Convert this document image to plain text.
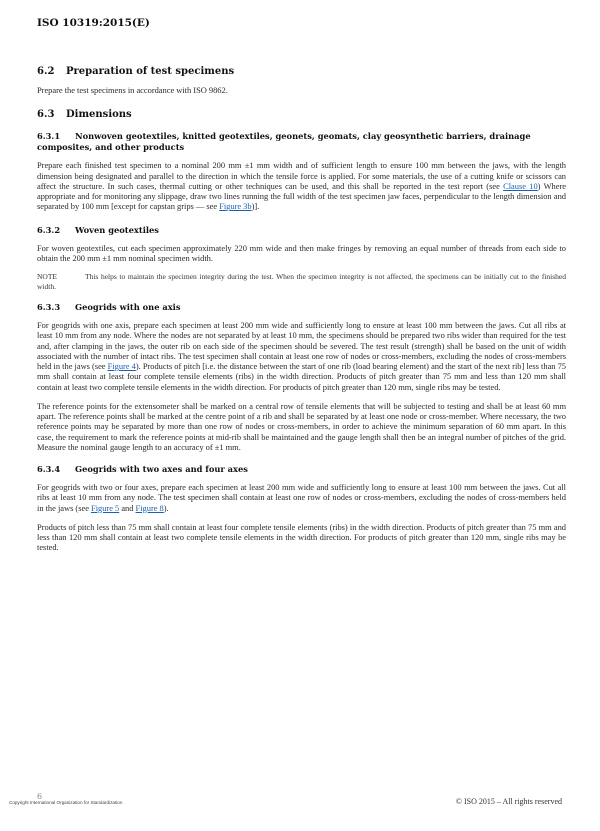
ISO 10319:2015(E)
6.2 Preparation of test specimens

Prepare the test specimens in accordance with ISO 9862.

6.3 Dimensions
6.3.1 Nonwoven geotextiles, knitted geotextiles, geonets, geomats, clay geosynthetic barriers, drainage composites, and other products

Prepare each finished test specimen to a nominal 200 mm ±1 mm width and of sufficient length to ensure 100 mm between the jaws, with the length dimension being designated and parallel to the direction in which the tensile force is applied. For some materials, the use of a cutting knife or scissors can affect the structure. In such cases, thermal cutting or other techniques can be used, and this shall be reported in the test report (see Clause 10) Where appropriate and for monitoring any slippage, draw two lines running the full width of the test specimen jaw faces, perpendicular to the length dimension and separated by 100 mm [except for capstan grips — see Figure 3b)].

6.3.2 Woven geotextiles

For woven geotextiles, cut each specimen approximately 220 mm wide and then make fringes by removing an equal number of threads from each side to obtain the 200 mm ±1 mm nominal specimen width.

NOTE	This helps to maintain the specimen integrity during the test. When the specimen integrity is not affected, the specimens can be initially cut to the finished width.

6.3.3 Geogrids with one axis

For geogrids with one axis, prepare each specimen at least 200 mm wide and sufficiently long to ensure at least 100 mm between the jaws. Cut all ribs at least 10 mm from any node. Where the nodes are not separated by at least 10 mm, the specimens should be prepared two ribs wider than required for the test and, after clamping in the jaws, the outer rib on each side of the specimen should be severed. The test result (strength) shall be based on the unit of width associated with the number of intact ribs. The test specimen shall contain at least one row of nodes or cross-members, excluding the nodes of cross-members held in the jaws (see Figure 4). Products of pitch [i.e. the distance between the start of one rib (load bearing element) and the start of the next rib] less than 75 mm shall contain at least four complete tensile elements (ribs) in the width direction. Products of pitch greater than 75 mm and less than 120 mm shall contain at least two complete tensile elements in the width direction. For products of pitch greater than 120 mm, single ribs may be tested.

The reference points for the extensometer shall be marked on a central row of tensile elements that will be subjected to testing and shall be at least 60 mm apart. The reference points shall be marked at the centre point of a rib and shall be separated by at least one node or cross-member. Where necessary, the two reference points may be separated by more than one row of nodes or cross-members, in order to achieve the minimum separation of 60 mm apart. In this case, the requirement to mark the reference points at mid-rib shall be maintained and the gauge length shall then be an integral number of pitches of the grid. Measure the nominal gauge length to an accuracy of ±1 mm.

6.3.4 Geogrids with two axes and four axes

For geogrids with two or four axes, prepare each specimen at least 200 mm wide and sufficiently long to ensure at least 100 mm between the jaws. Cut all ribs at least 10 mm from any node. The test specimen shall contain at least one row of nodes or cross-members, excluding the nodes of cross-members held in the jaws (see Figure 5 and Figure 8).

Products of pitch less than 75 mm shall contain at least four complete tensile elements (ribs) in the width direction. Products of pitch greater than 75 mm and less than 120 mm shall contain at least two complete tensile elements in the width direction. For products of pitch greater than 120 mm, single ribs may be tested.

6
Copyright International Organization for Standardization	© ISO 2015 – All rights reserved
